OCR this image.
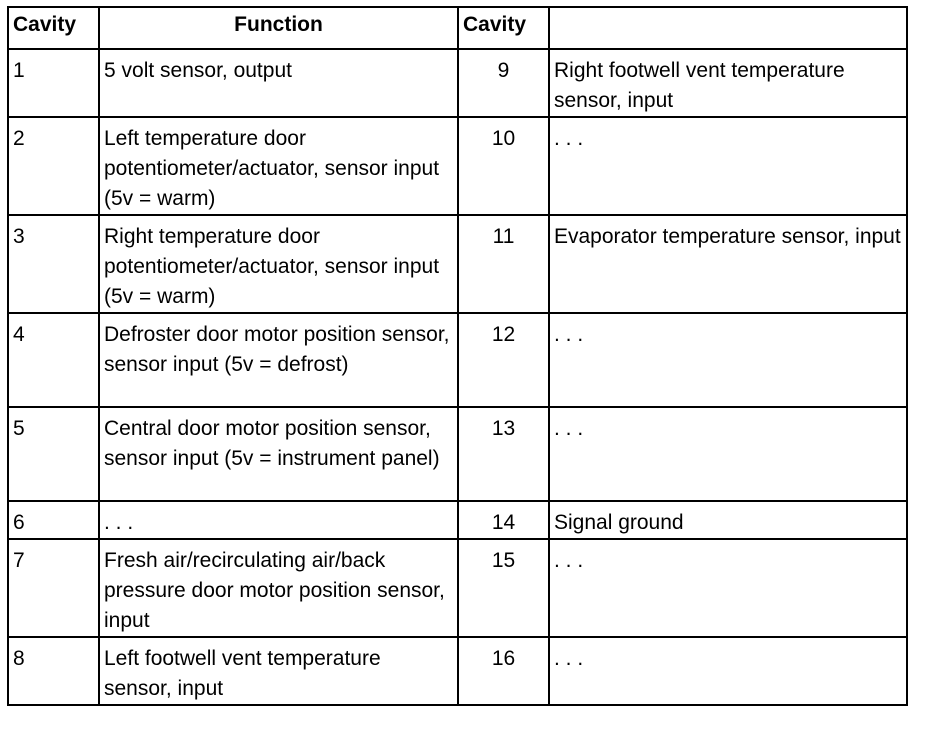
Cavity	Function	Cavity	
1	5 volt sensor, output	9	Right footwell vent temperature sensor, input
2	Left temperature door potentiometer/actuator, sensor input (5v = warm)	10	. . .
3	Right temperature door potentiometer/actuator, sensor input (5v = warm)	11	Evaporator temperature sensor, input
4	Defroster door motor position sensor, sensor input (5v = defrost)	12	. . .
5	Central door motor position sensor, sensor input (5v = instrument panel)	13	. . .
6	. . .	14	Signal ground
7	Fresh air/recirculating air/back pressure door motor position sensor, input	15	. . .
8	Left footwell vent temperature sensor, input	16	. . .
